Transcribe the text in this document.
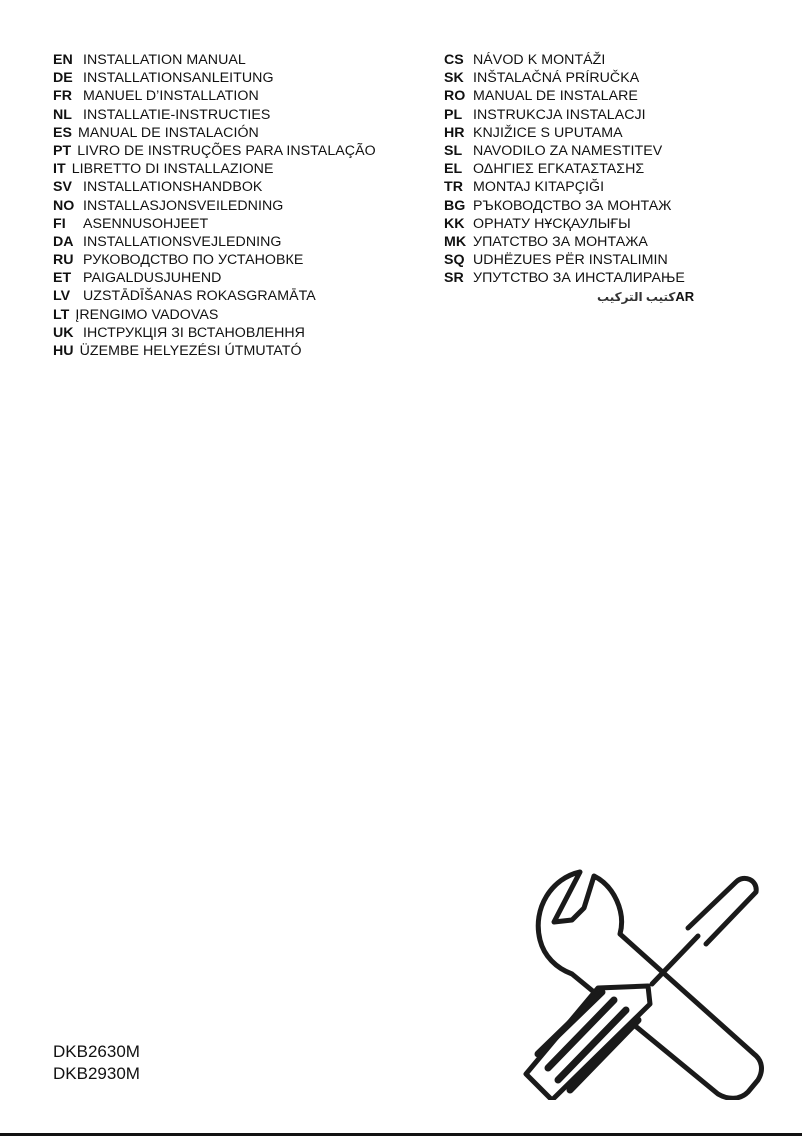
EN INSTALLATION MANUAL
DE INSTALLATIONSANLEITUNG
FR MANUEL D’INSTALLATION
NL INSTALLATIE-INSTRUCTIES
ES MANUAL DE INSTALACIÓN
PT LIVRO DE INSTRUÇÕES PARA INSTALAÇÃO
IT LIBRETTO DI INSTALLAZIONE
SV INSTALLATIONSHANDBOK
NO INSTALLASJONSVEILEDNING
FI ASENNUSOHJEET
DA INSTALLATIONSVEJLEDNING
RU РУКОВОДСТВО ПО УСТАНОВКЕ
ET PAIGALDUSJUHEND
LV UZSTĀDĪŠANAS ROKASGRAMĀTA
LT ĮRENGIMO VADOVAS
UK ІНСТРУКЦІЯ ЗІ ВСТАНОВЛЕННЯ
HU ÜZEMBE HELYEZÉSI ÚTMUTATÓ
CS NÁVOD K MONTÁŽI
SK INŠTALAČNÁ PRÍRUČKA
RO MANUAL DE INSTALARE
PL INSTRUKCJA INSTALACJI
HR KNJIŽICE S UPUTAMA
SL NAVODILO ZA NAMESTITEV
EL ΟΔΗΓΙΕΣ ΕΓΚΑΤΑΣΤΑΣΗΣ
TR MONTAJ KITAPÇIĞI
BG РЪКОВОДСТВО ЗА МОНТАЖ
KK ОРНАТУ НҰСҚАУЛЫҒЫ
MK УПАТСТВО ЗА МОНТАЖА
SQ UDHËZUES PËR INSTALIMIN
SR УПУТСТВО ЗА ИНСТАЛИРАЊЕ
كتيب التركيبAR
DKB2630M
DKB2930M
